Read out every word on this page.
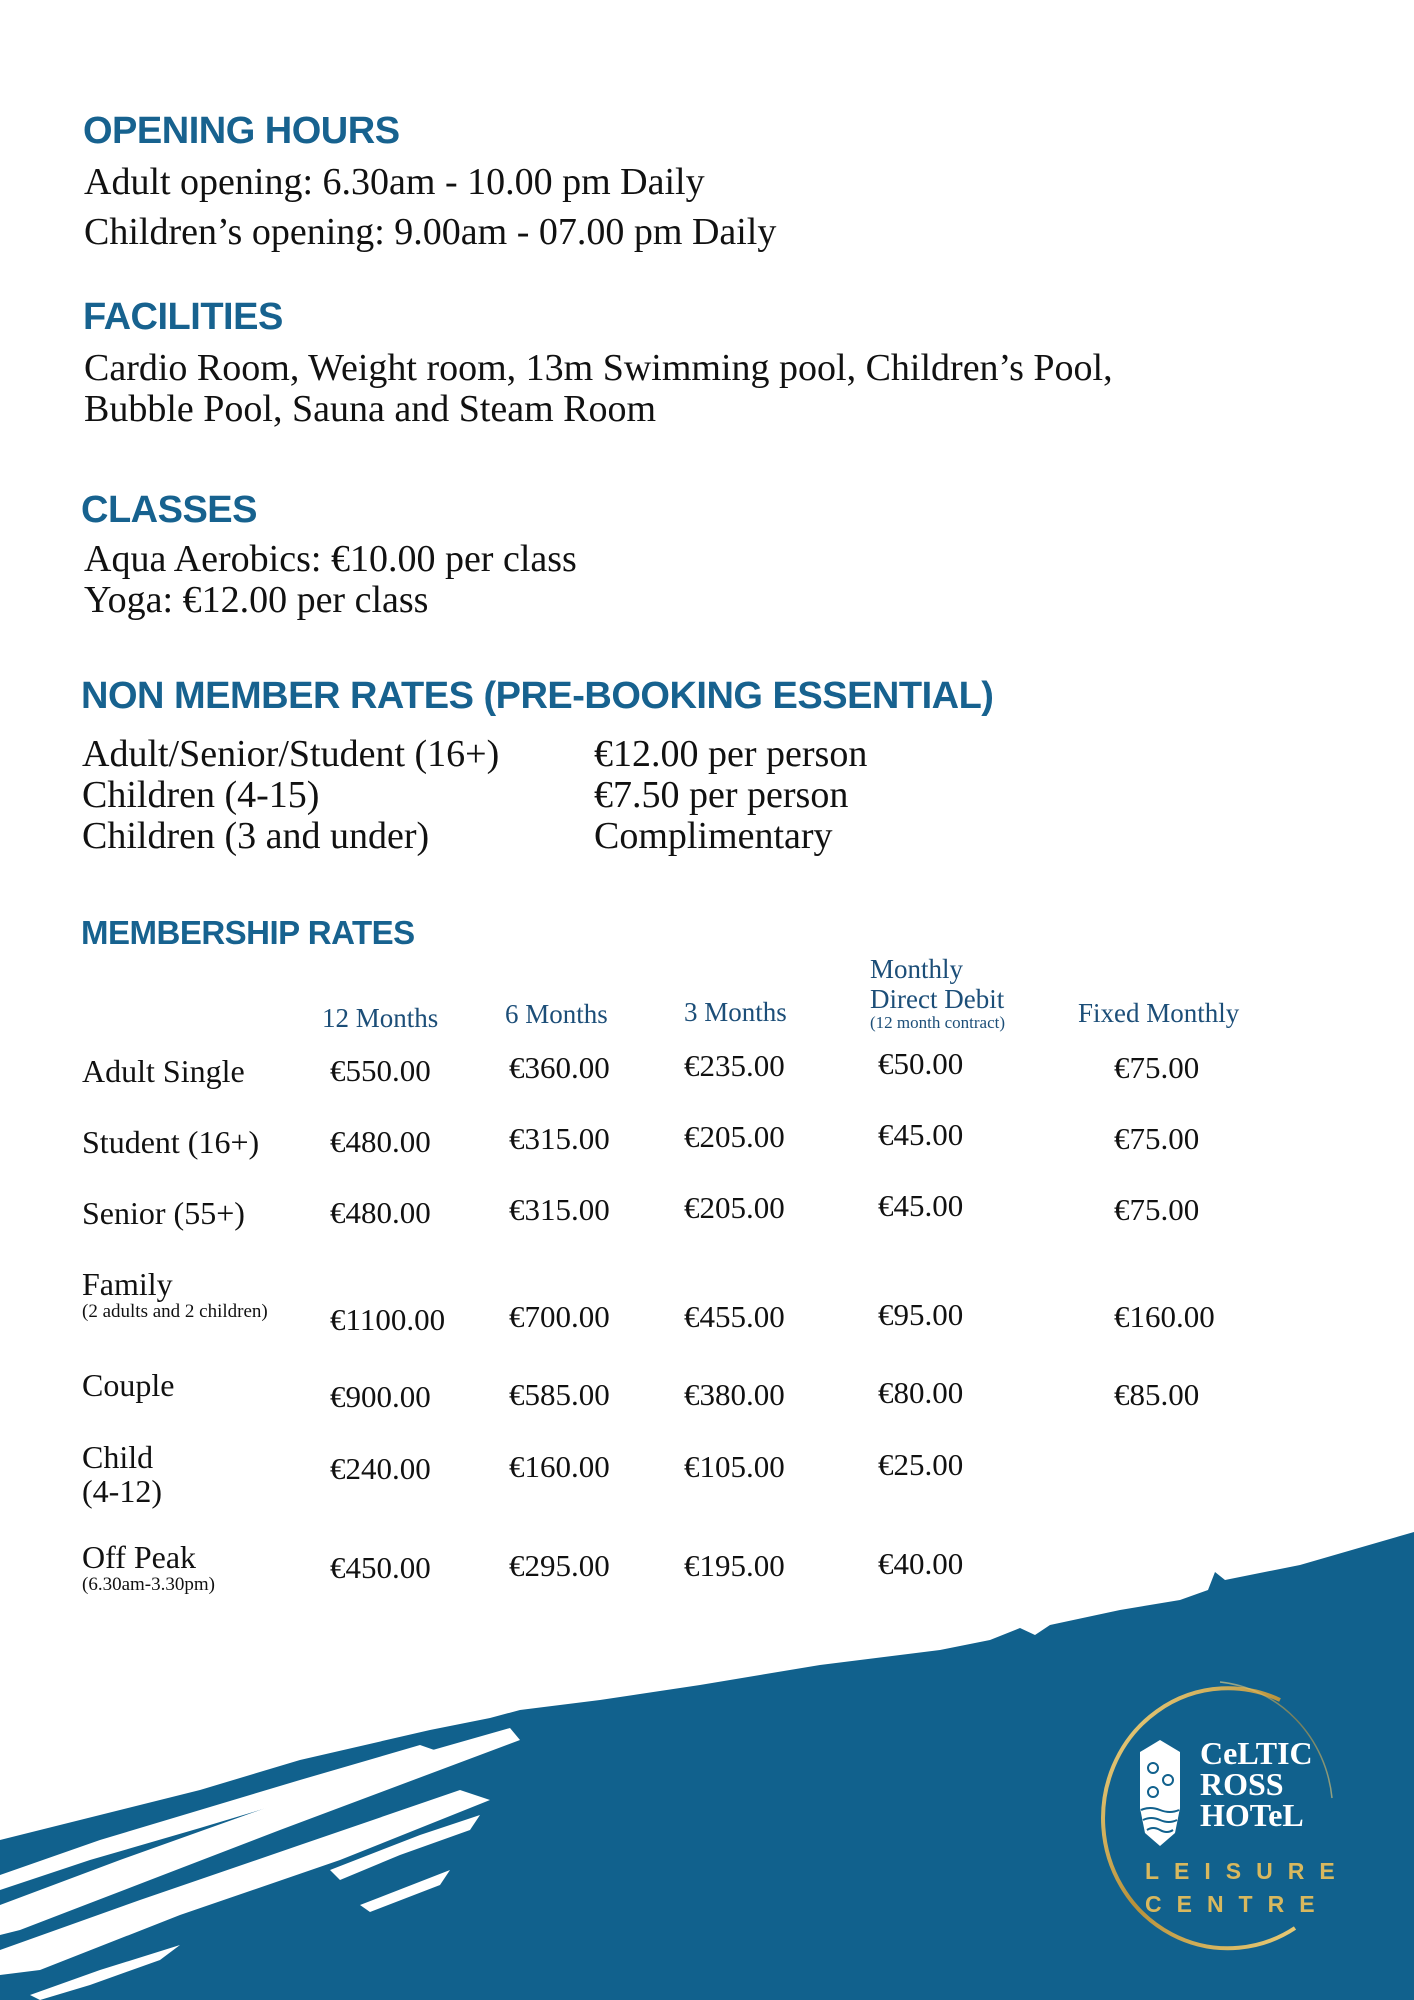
OPENING HOURS

Adult opening: 6.30am - 10.00 pm Daily

Children’s opening: 9.00am - 07.00 pm Daily

FACILITIES

Cardio Room, Weight room, 13m Swimming pool, Children’s Pool,

Bubble Pool, Sauna and Steam Room

CLASSES

Aqua Aerobics: €10.00 per class

Yoga: €12.00 per class

NON MEMBER RATES (PRE-BOOKING ESSENTIAL)
Adult/Senior/Student (16+) €12.00 per person
Children (4-15)	€7.50 per person
Children (3 and under)	Complimentary
MEMBERSHIP RATES
12 Months 6 Months	3 Months
Monthly
Direct Debit
(12 month contract)	Fixed Monthly
Adult Single	€550.00	€360.00 €235.00	€50.00	€75.00
Student (16+) €480.00	€315.00 €205.00	€45.00	€75.00
Senior (55+)	€480.00	€315.00 €205.00	€45.00	€75.00
Family
(2 adults and 2 children) €1100.00 €700.00 €455.00	€95.00	€160.00
Couple	€900.00	€585.00 €380.00	€80.00	€85.00
Child
(4-12)
€240.00	€160.00 €105.00	€25.00
Off Peak
(6.30am-3.30pm)	€450.00	€295.00 €195.00	€40.00
CeLTIC
ROSS
HOTeL
LEISURE
CENTRE
